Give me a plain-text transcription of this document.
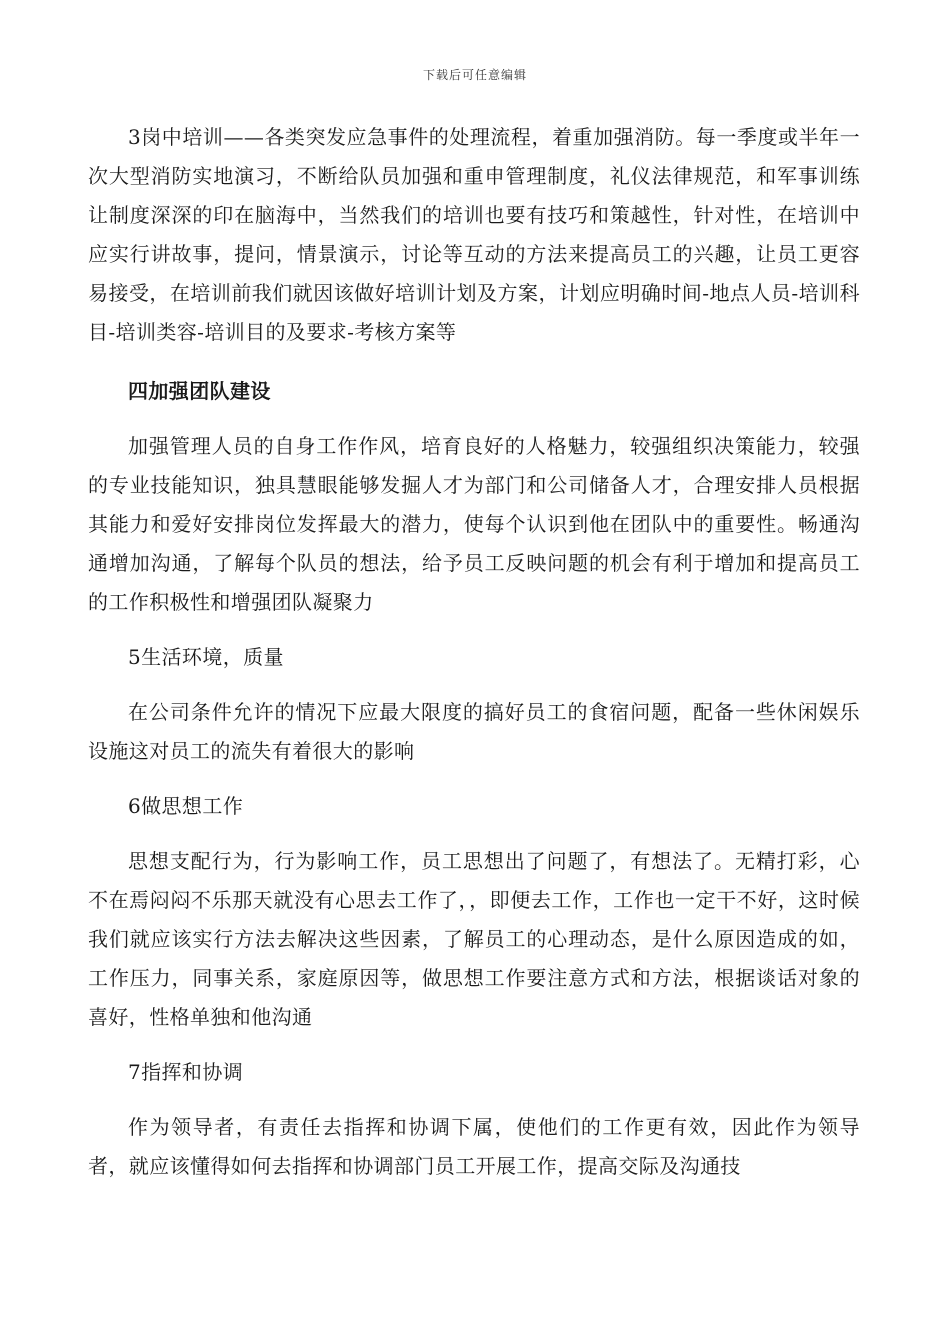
下载后可任意编辑

3岗中培训——各类突发应急事件的处理流程，着重加强消防。每一季度或半年一次大型消防实地演习，不断给队员加强和重申管理制度，礼仪法律规范，和军事训练让制度深深的印在脑海中，当然我们的培训也要有技巧和策越性，针对性，在培训中应实行讲故事，提问，情景演示，讨论等互动的方法来提高员工的兴趣，让员工更容易接受，在培训前我们就因该做好培训计划及方案，计划应明确时间-地点人员-培训科目-培训类容-培训目的及要求-考核方案等

四加强团队建设

加强管理人员的自身工作作风，培育良好的人格魅力，较强组织决策能力，较强的专业技能知识，独具慧眼能够发掘人才为部门和公司储备人才，合理安排人员根据其能力和爱好安排岗位发挥最大的潜力，使每个认识到他在团队中的重要性。畅通沟通增加沟通，了解每个队员的想法，给予员工反映问题的机会有利于增加和提高员工的工作积极性和增强团队凝聚力

5生活环境，质量

在公司条件允许的情况下应最大限度的搞好员工的食宿问题，配备一些休闲娱乐设施这对员工的流失有着很大的影响

6做思想工作

思想支配行为，行为影响工作，员工思想出了问题了，有想法了。无精打彩，心不在焉闷闷不乐那天就没有心思去工作了，，即便去工作，工作也一定干不好，这时候我们就应该实行方法去解决这些因素，了解员工的心理动态，是什么原因造成的如，工作压力，同事关系，家庭原因等，做思想工作要注意方式和方法，根据谈话对象的喜好，性格单独和他沟通

7指挥和协调

作为领导者，有责任去指挥和协调下属，使他们的工作更有效，因此作为领导者，就应该懂得如何去指挥和协调部门员工开展工作，提高交际及沟通技
